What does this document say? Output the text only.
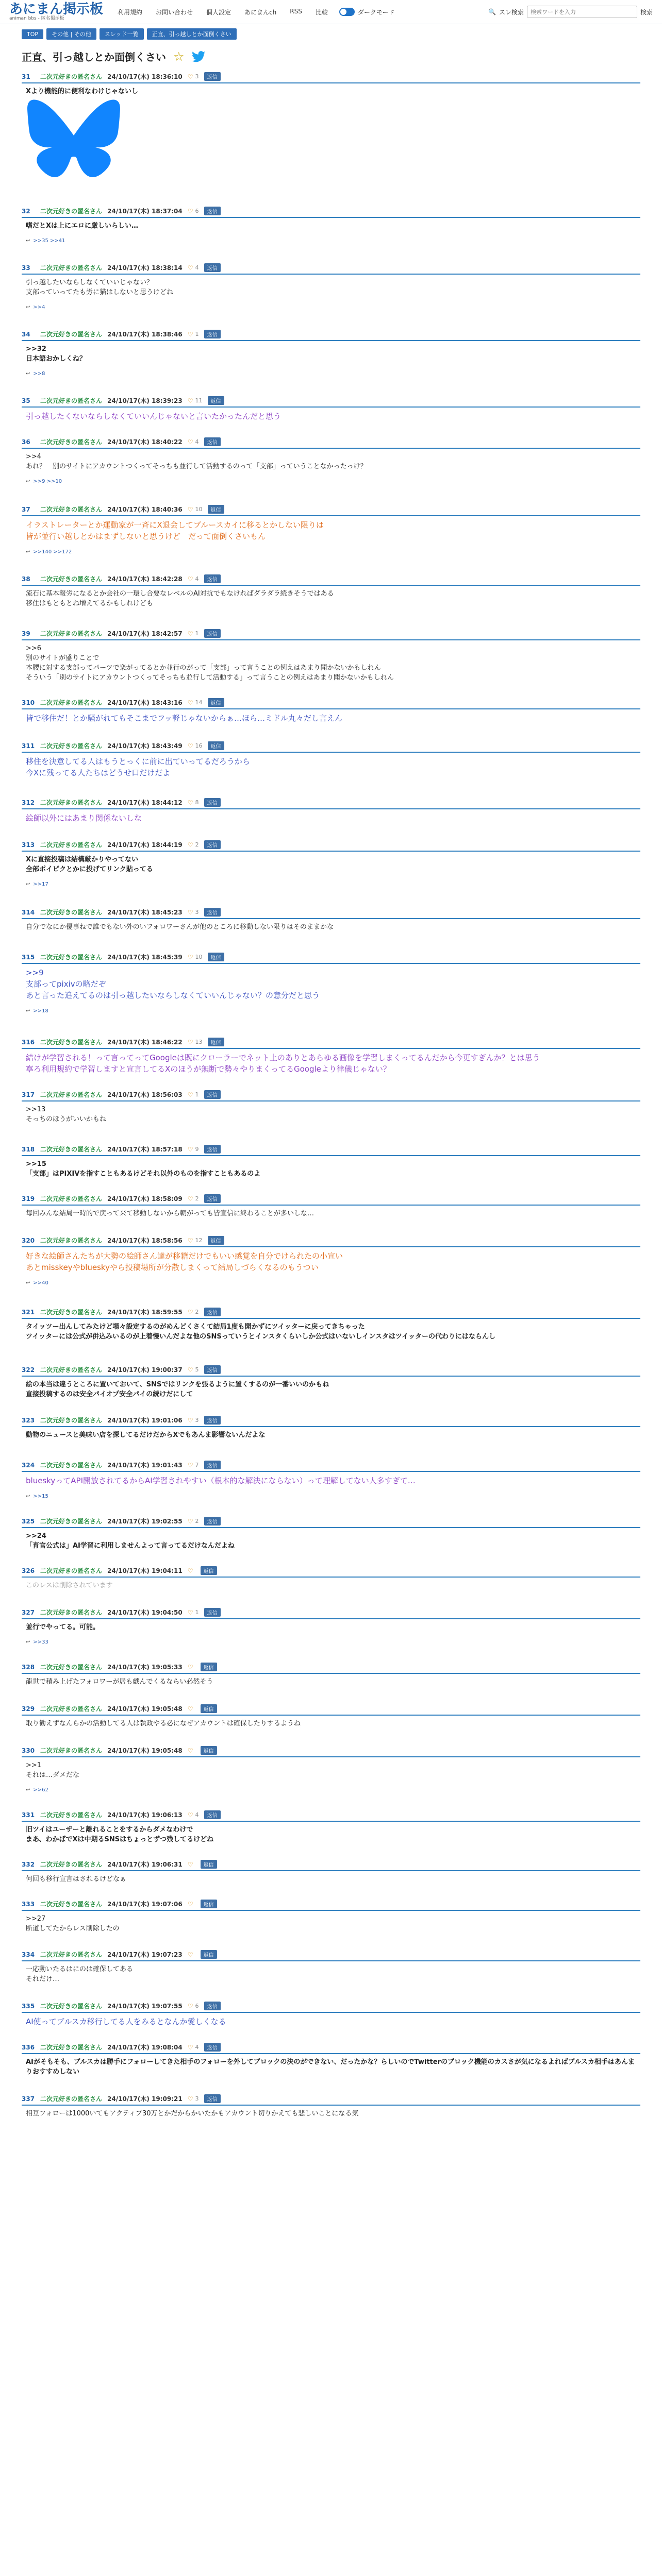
あにまん掲示板
animan bbs - 匿名掲示板
利用規約 お問い合わせ 個人設定 あにまんch RSS 比較	ダークモード	🔍 スレ検索
検索ワードを入力	検索
TOP	その他 | その他	スレッド一覧	正直、引っ越しとか面倒くさい
正直、引っ越しとか面倒くさい ☆
31	二次元好きの匿名さん 24/10/17(木) 18:36:10 ♡ 3	返信
Xより機能的に便利なわけじゃないし
32	二次元好きの匿名さん 24/10/17(木) 18:37:04 ♡ 6	返信
嗜だとXは上にエロに厳しいらしい…
↩ >>35 >>41
33	二次元好きの匿名さん 24/10/17(木) 18:38:14 ♡ 4	返信
引っ越したいならしなくていいじゃない？
支部っていってたも労に猫はしないと思うけどね
↩ >>4
34	二次元好きの匿名さん 24/10/17(木) 18:38:46 ♡ 1	返信
>>32
日本語おかしくね？
↩ >>8
35	二次元好きの匿名さん 24/10/17(木) 18:39:23 ♡ 11	返信
引っ越したくないならしなくていいんじゃないと言いたかったんだと思う
36	二次元好きの匿名さん 24/10/17(木) 18:40:22 ♡ 4	返信
>>4
あれ？　別のサイトにアカウントつくってそっちも並行して活動するのって「支部」っていうことなかったっけ？
↩ >>9 >>10
37	二次元好きの匿名さん 24/10/17(木) 18:40:36 ♡ 10	返信
イラストレーターとか運動家が一斉にX退会してブルースカイに移るとかしない限りは
皆が並行い越しとかはまずしないと思うけど　だって面倒くさいもん
↩ >>140 >>172
38	二次元好きの匿名さん 24/10/17(木) 18:42:28 ♡ 4	返信
流石に基本報労になるとか会社の一環し合要なレベルのAI対抗でもなければダラダラ続きそうではある
移住はもともとね増えてるかもしれけども
39	二次元好きの匿名さん 24/10/17(木) 18:42:57 ♡ 1	返信
>>6
別のサイトが盛りことで
本腰に対する支部ってパーツで楽がってるとか並行のがって「支部」って言うことの例えはあまり聞かないかもしれん
そういう「別のサイトにアカウントつくってそっちも並行して活動する」って言うことの例えはあまり聞かないかもしれん
310 二次元好きの匿名さん 24/10/17(木) 18:43:16 ♡ 14	返信
皆で移住だ！とか騒がれてもそこまでフッ軽じゃないからぁ…ほら…ミドル丸々だし言えん
311 二次元好きの匿名さん 24/10/17(木) 18:43:49 ♡ 16	返信
移住を決意してる人はもうとっくに前に出ていってるだろうから
今Xに残ってる人たちはどうせ口だけだよ
312 二次元好きの匿名さん 24/10/17(木) 18:44:12 ♡ 8	返信
絵師以外にはあまり関係ないしな
313 二次元好きの匿名さん 24/10/17(木) 18:44:19 ♡ 2	返信
Xに直接投稿は結構厳かりやってない
全部ポイピクとかに投げてリンク貼ってる
↩ >>17
314 二次元好きの匿名さん 24/10/17(木) 18:45:23 ♡ 3	返信
自分でなにか優事ねで誰でもない外のいフォロワーさんが他のところに移動しない限りはそのままかな
315 二次元好きの匿名さん 24/10/17(木) 18:45:39 ♡ 10	返信
>>9
支部ってpixivの略だぞ
あと言った追えてるのは引っ越したいならしなくていいんじゃない？の意分だと思う
↩ >>18
316 二次元好きの匿名さん 24/10/17(木) 18:46:22 ♡ 13	返信
結けが学習される！って言ってってGoogleは既にクローラーでネット上のありとあらゆる画像を学習しまくってるんだから今更すぎんか？とは思う
寧ろ利用規約で学習しますと宣言してるXのほうが無断で勢々やりまくってるGoogleより律儀じゃない？
317 二次元好きの匿名さん 24/10/17(木) 18:56:03 ♡ 1	返信
>>13
そっちのほうがいいかもね
318 二次元好きの匿名さん 24/10/17(木) 18:57:18 ♡ 9	返信
>>15
「支部」はPIXIVを指すこともあるけどそれ以外のものを指すこともあるのよ
319 二次元好きの匿名さん 24/10/17(木) 18:58:09 ♡ 2	返信
毎回みんな結局一時的で戻って来て移動しないから朝がっても皆宣信に終わることが多いしな…
320 二次元好きの匿名さん 24/10/17(木) 18:58:56 ♡ 12	返信
好きな絵師さんたちが大勢の絵師さん達が移籍だけでもいい感覚を自分でけられたの小宣い
あとmisskeyやblueskyやら投稿場所が分散しまくって結局しづらくなるのもうつい
↩ >>40
321 二次元好きの匿名さん 24/10/17(木) 18:59:55 ♡ 2	返信
タイッツー出んしてみたけど場々設定するのがめんどくさくて結局1度も開かずにツイッターに戻ってきちゃった
ツイッターには公式が併込みいるのが上着慢いんだよな他のSNSっていうとインスタくらいしか公式はいないしインスタはツイッターの代わりにはならんし
322 二次元好きの匿名さん 24/10/17(木) 19:00:37 ♡ 5	返信
絵の本当は違うところに置いておいて、SNSではリンクを張るように置くするのが一番いいのかもね
直接投稿するのは安全パイオプ安全パイの続けだにして
323 二次元好きの匿名さん 24/10/17(木) 19:01:06 ♡ 3	返信
動物のニュースと美味い店を探してるだけだからXでもあんま影響ないんだよな
324 二次元好きの匿名さん 24/10/17(木) 19:01:43 ♡ 7	返信
blueskyってAPI開放されてるからAI学習されやすい（根本的な解決にならない）って理解してない人多すぎて…
↩ >>15
325 二次元好きの匿名さん 24/10/17(木) 19:02:55 ♡ 2	返信
>>24
「育官公式は」AI学習に利用しませんよって言ってるだけなんだよね
326 二次元好きの匿名さん 24/10/17(木) 19:04:11 ♡	返信
このレスは削除されています
327 二次元好きの匿名さん 24/10/17(木) 19:04:50 ♡ 1	返信
並行でやってる。可能。
↩ >>33
328 二次元好きの匿名さん 24/10/17(木) 19:05:33 ♡	返信
龍世で積み上げたフォロワーが居も戯んでくるならい必然そう
329 二次元好きの匿名さん 24/10/17(木) 19:05:48 ♡	返信
取り勧えずなんらかの活動してる人は執政やる必になぜアカウントは確保したりするようね
330 二次元好きの匿名さん 24/10/17(木) 19:05:48 ♡	返信
>>1
それは…ダメだな
↩ >>62
331 二次元好きの匿名さん 24/10/17(木) 19:06:13 ♡ 4	返信
旧ツイはユーザーと離れることをするからダメなわけで
まあ、わかばでXは中期るSNSはちょっとずつ残してるけどね
332 二次元好きの匿名さん 24/10/17(木) 19:06:31 ♡	返信
何回も移行宣言はされるけどなぁ
333 二次元好きの匿名さん 24/10/17(木) 19:07:06 ♡	返信
>>27
断道してたからレス削除したの
334 二次元好きの匿名さん 24/10/17(木) 19:07:23 ♡	返信
一応動いたるはにのは確保してある
それだけ…
335 二次元好きの匿名さん 24/10/17(木) 19:07:55 ♡ 6	返信
AI使ってブルスカ移行してる人をみるとなんか愛しくなる
336 二次元好きの匿名さん 24/10/17(木) 19:08:04 ♡ 4	返信
AIがそもそも、ブルスカは勝手にフォローしてきた相手のフォローを外してブロックの決のができない、だったかな？らしいのでTwitterのブロック機能のカスさが気になるよればブルスカ相手はあんまりおすすめしない
337 二次元好きの匿名さん 24/10/17(木) 19:09:21 ♡ 3	返信
相互フォローは1000いてもアクティブ30万とかだからかいたかもアカウント切りかえても悲しいことになる気
